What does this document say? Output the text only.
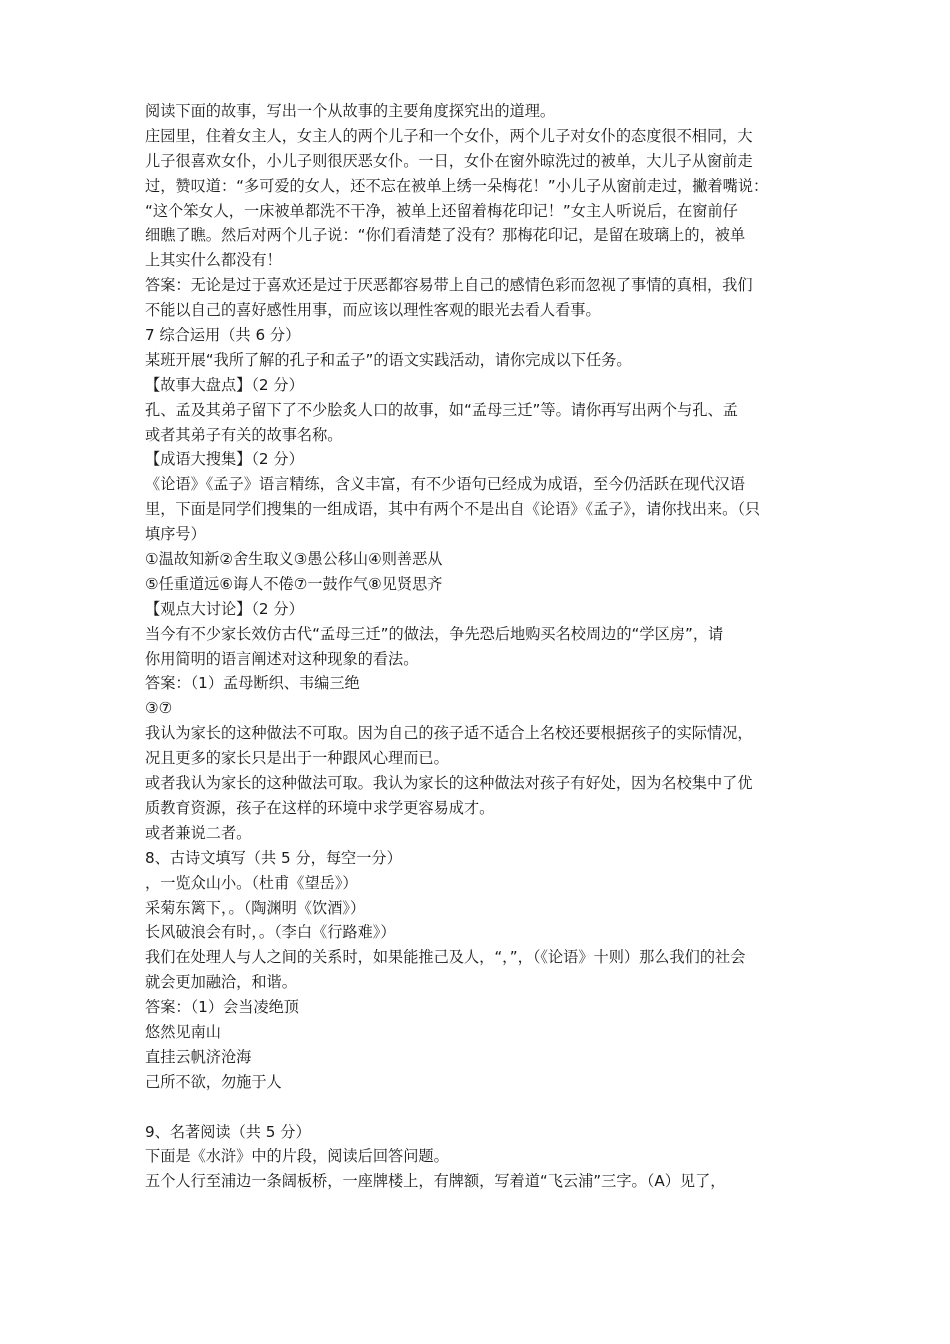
阅读下面的故事，写出一个从故事的主要角度探究出的道理。
庄园里，住着女主人，女主人的两个儿子和一个女仆，两个儿子对女仆的态度很不相同，大
儿子很喜欢女仆，小儿子则很厌恶女仆。一日，女仆在窗外晾洗过的被单，大儿子从窗前走
过，赞叹道：“多可爱的女人，还不忘在被单上绣一朵梅花！”小儿子从窗前走过，撇着嘴说：
“这个笨女人，一床被单都洗不干净，被单上还留着梅花印记！”女主人听说后，在窗前仔
细瞧了瞧。然后对两个儿子说：“你们看清楚了没有？那梅花印记，是留在玻璃上的，被单
上其实什么都没有！
答案：无论是过于喜欢还是过于厌恶都容易带上自己的感情色彩而忽视了事情的真相，我们
不能以自己的喜好感性用事，而应该以理性客观的眼光去看人看事。
7 综合运用（共 6 分）
某班开展“我所了解的孔子和孟子”的语文实践活动，请你完成以下任务。
【故事大盘点】（2 分）
孔、孟及其弟子留下了不少脍炙人口的故事，如“孟母三迁”等。请你再写出两个与孔、孟
或者其弟子有关的故事名称。
【成语大搜集】（2 分）
《论语》《孟子》语言精练，含义丰富，有不少语句已经成为成语，至今仍活跃在现代汉语
里，下面是同学们搜集的一组成语，其中有两个不是出自《论语》《孟子》，请你找出来。（只
填序号）
①温故知新②舍生取义③愚公移山④则善恶从
⑤任重道远⑥诲人不倦⑦一鼓作气⑧见贤思齐
【观点大讨论】（2 分）
当今有不少家长效仿古代“孟母三迁”的做法，争先恐后地购买名校周边的“学区房”，请
你用简明的语言阐述对这种现象的看法。
答案：（1）孟母断织、韦编三绝
③⑦
我认为家长的这种做法不可取。因为自己的孩子适不适合上名校还要根据孩子的实际情况，
况且更多的家长只是出于一种跟风心理而已。
或者我认为家长的这种做法可取。我认为家长的这种做法对孩子有好处，因为名校集中了优
质教育资源，孩子在这样的环境中求学更容易成才。
或者兼说二者。
8、古诗文填写（共 5 分，每空一分）
，一览众山小。（杜甫《望岳》）
采菊东篱下，。（陶渊明《饮酒》）
长风破浪会有时，。（李白《行路难》）
我们在处理人与人之间的关系时，如果能推己及人，“，”，（《论语》十则）那么我们的社会
就会更加融洽，和谐。
答案：（1）会当凌绝顶
悠然见南山
直挂云帆济沧海
己所不欲，勿施于人
9、名著阅读（共 5 分）
下面是《水浒》中的片段，阅读后回答问题。
五个人行至浦边一条阔板桥，一座牌楼上，有牌额，写着道“飞云浦”三字。（A）见了，
